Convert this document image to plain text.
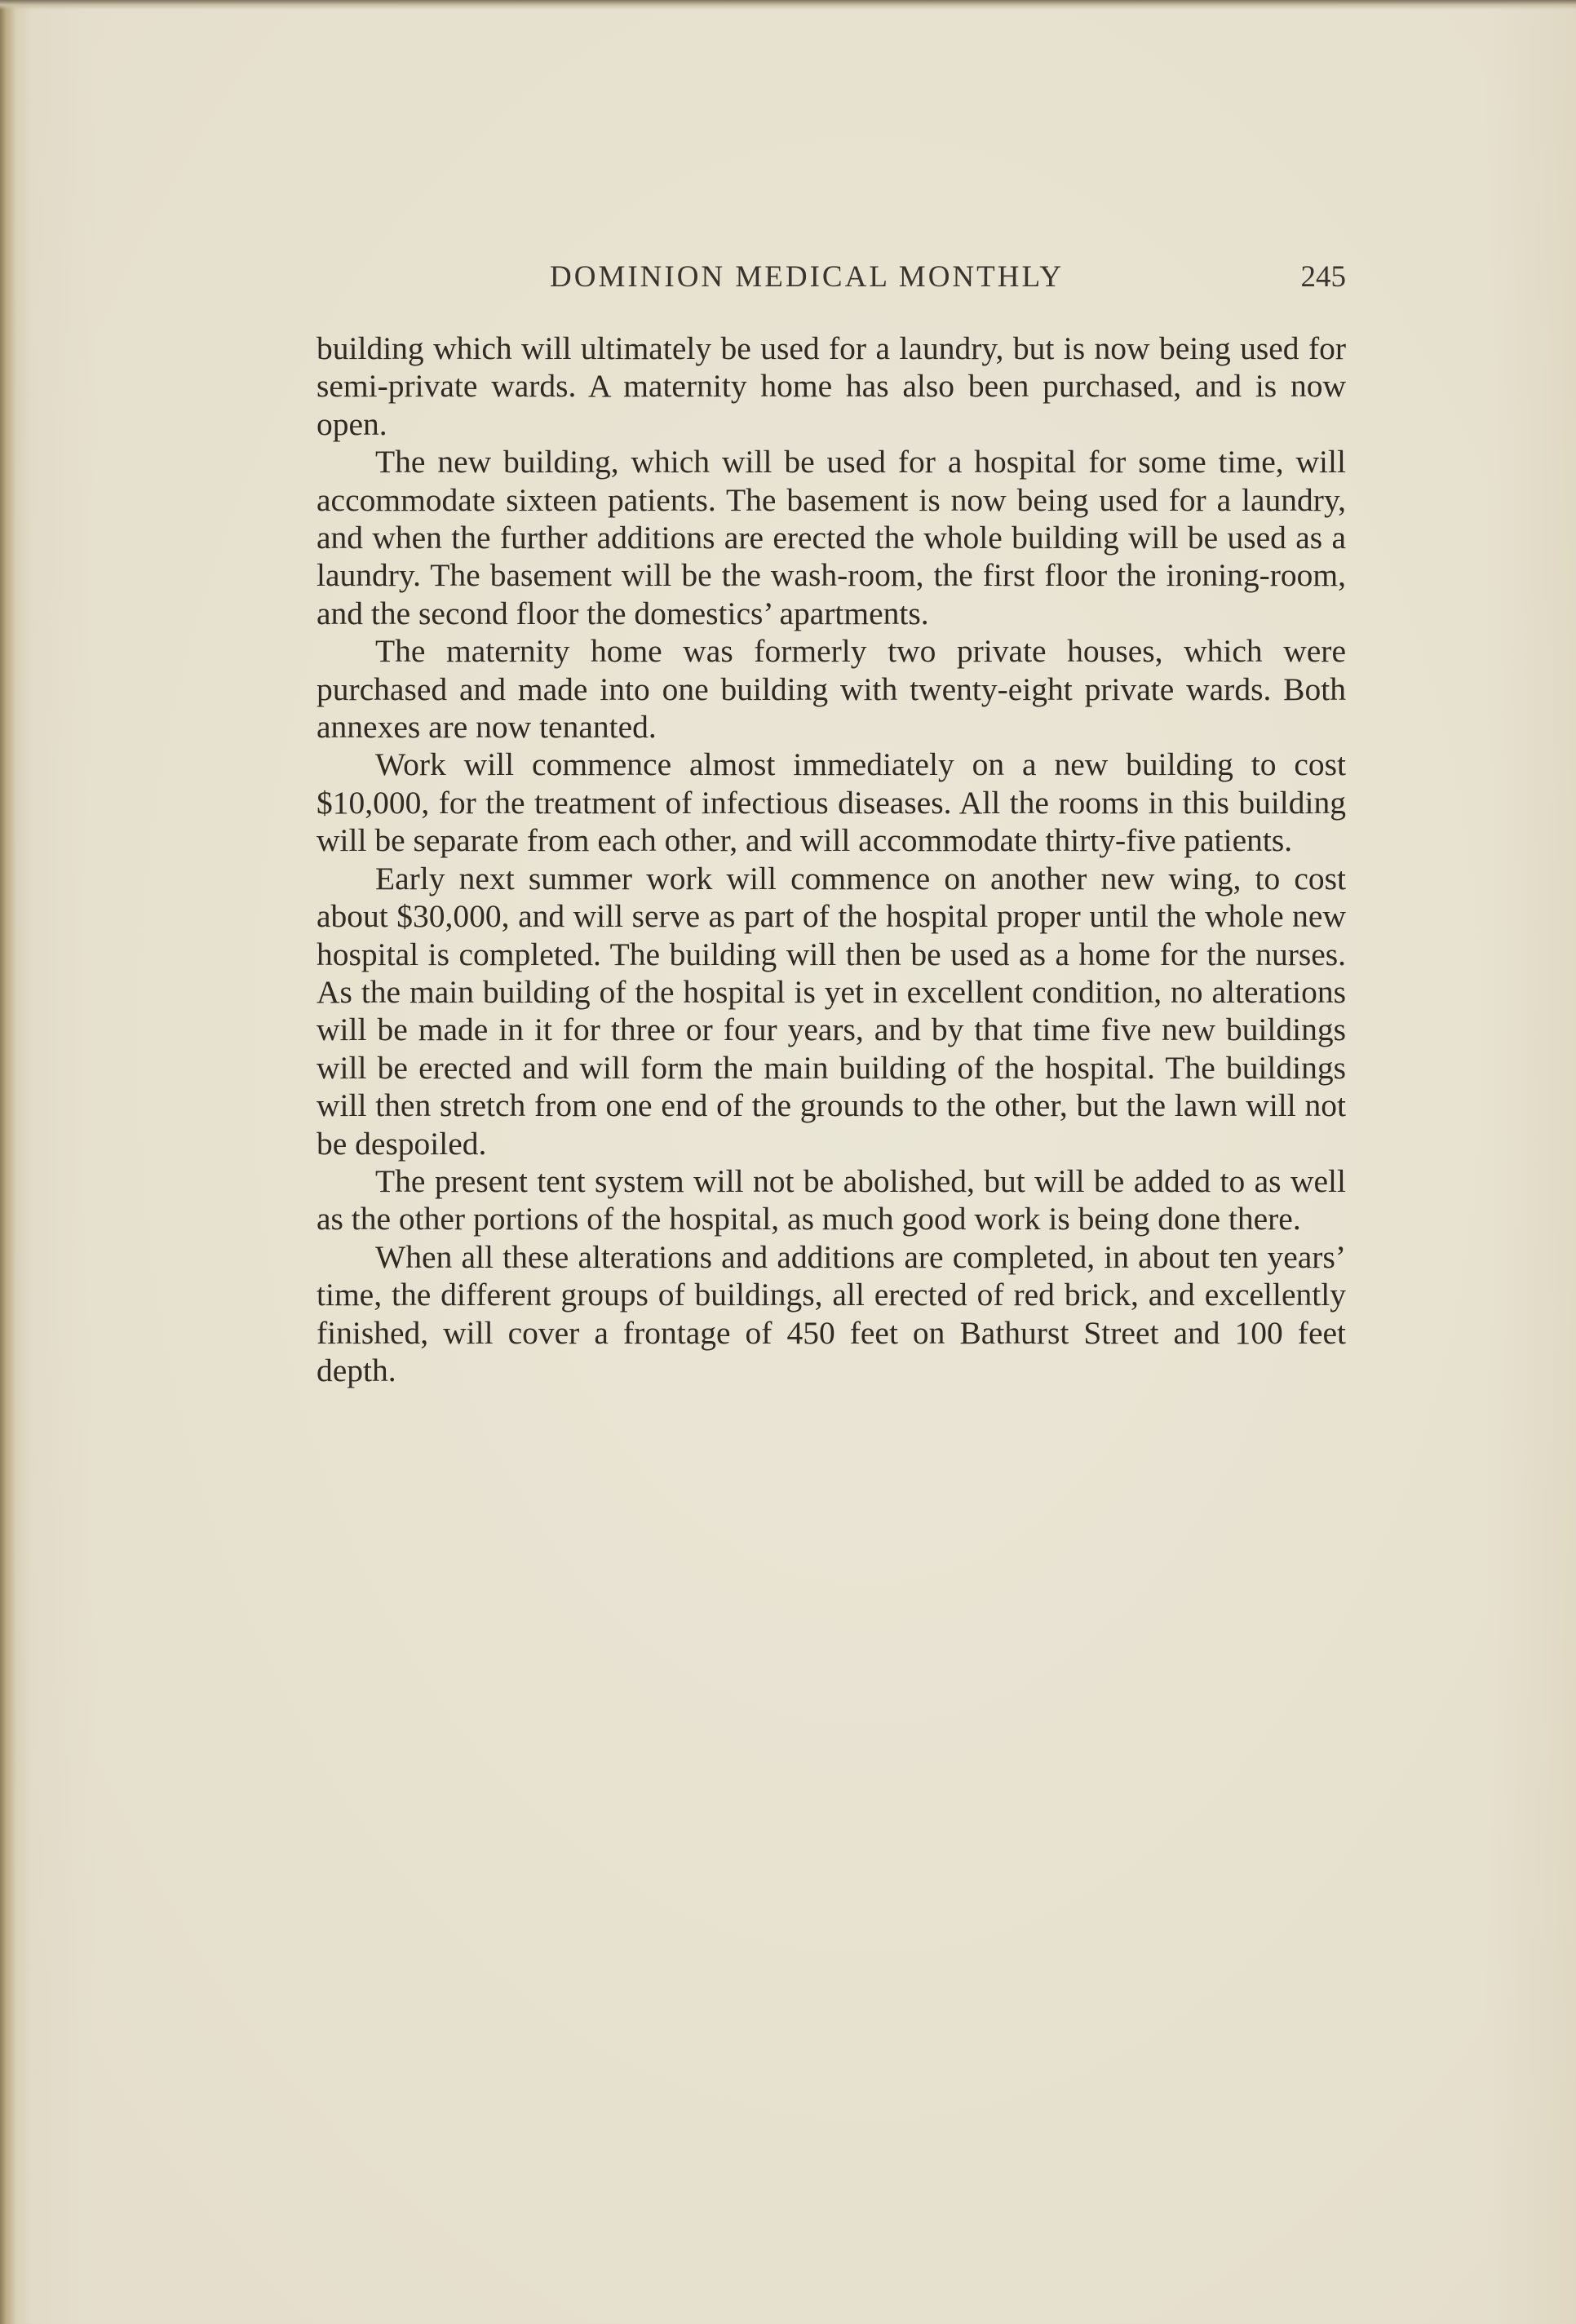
DOMINION MEDICAL MONTHLY	245

building which will ultimately be used for a laundry, but is now being used for semi-private wards. A maternity home has also been purchased, and is now open.

The new building, which will be used for a hospital for some time, will accommodate sixteen patients. The basement is now being used for a laundry, and when the further additions are erected the whole building will be used as a laundry. The basement will be the wash-room, the first floor the ironing-room, and the second floor the domestics’ apartments.

The maternity home was formerly two private houses, which were purchased and made into one building with twenty-eight private wards. Both annexes are now tenanted.

Work will commence almost immediately on a new building to cost $10,000, for the treatment of infectious diseases. All the rooms in this building will be separate from each other, and will accommodate thirty-five patients.

Early next summer work will commence on another new wing, to cost about $30,000, and will serve as part of the hospital proper until the whole new hospital is completed. The building will then be used as a home for the nurses. As the main building of the hospital is yet in excellent condition, no alterations will be made in it for three or four years, and by that time five new buildings will be erected and will form the main building of the hospital. The buildings will then stretch from one end of the grounds to the other, but the lawn will not be despoiled.

The present tent system will not be abolished, but will be added to as well as the other portions of the hospital, as much good work is being done there.

When all these alterations and additions are completed, in about ten years’ time, the different groups of buildings, all erected of red brick, and excellently finished, will cover a frontage of 450 feet on Bathurst Street and 100 feet depth.
